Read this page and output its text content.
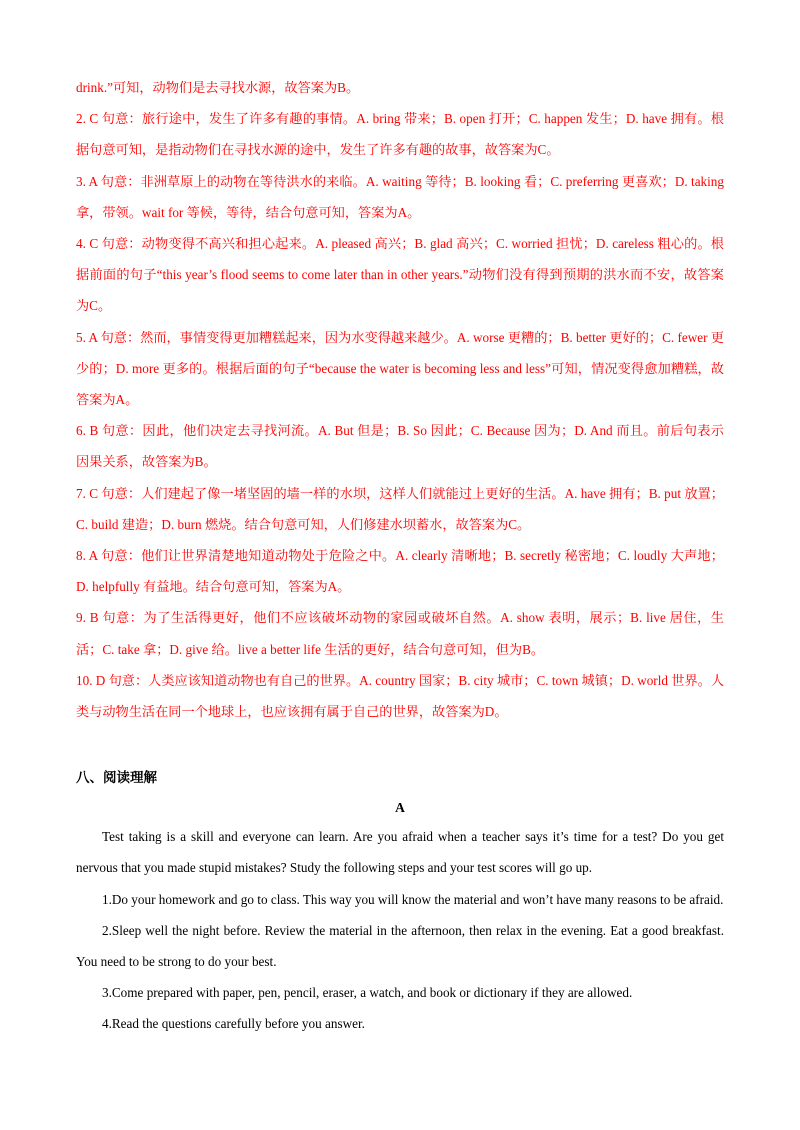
drink.”可知，动物们是去寻找水源，故答案为B。

2. C 句意：旅行途中，发生了许多有趣的事情。A. bring 带来；B. open 打开；C. happen 发生；D. have 拥有。根据句意可知，是指动物们在寻找水源的途中，发生了许多有趣的故事，故答案为C。

3. A 句意：非洲草原上的动物在等待洪水的来临。A. waiting 等待；B. looking 看；C. preferring 更喜欢；D. taking 拿，带领。wait for 等候，等待，结合句意可知，答案为A。

4. C 句意：动物变得不高兴和担心起来。A. pleased 高兴；B. glad 高兴；C. worried 担忧；D. careless 粗心的。根据前面的句子“this year’s flood seems to come later than in other years.”动物们没有得到预期的洪水而不安，故答案为C。

5. A 句意：然而，事情变得更加糟糕起来，因为水变得越来越少。A. worse 更糟的；B. better 更好的；C. fewer 更少的；D. more 更多的。根据后面的句子“because the water is becoming less and less”可知，情况变得愈加糟糕，故答案为A。

6. B 句意：因此，他们决定去寻找河流。A. But 但是；B. So 因此；C. Because 因为；D. And 而且。前后句表示因果关系，故答案为B。

7. C 句意：人们建起了像一堵坚固的墙一样的水坝，这样人们就能过上更好的生活。A. have 拥有；B. put 放置；C. build 建造；D. burn 燃烧。结合句意可知，人们修建水坝蓄水，故答案为C。

8. A 句意：他们让世界清楚地知道动物处于危险之中。A. clearly 清晰地；B. secretly 秘密地；C. loudly 大声地；D. helpfully 有益地。结合句意可知，答案为A。

9. B 句意：为了生活得更好，他们不应该破坏动物的家园或破坏自然。A. show 表明，展示；B. live 居住，生活；C. take 拿；D. give 给。live a better life 生活的更好，结合句意可知，但为B。

10. D 句意：人类应该知道动物也有自己的世界。A. country 国家；B. city 城市；C. town 城镇；D. world 世界。人类与动物生活在同一个地球上，也应该拥有属于自己的世界，故答案为D。

八、阅读理解
A

Test taking is a skill and everyone can learn. Are you afraid when a teacher says it’s time for a test? Do you get nervous that you made stupid mistakes? Study the following steps and your test scores will go up.

1.Do your homework and go to class. This way you will know the material and won’t have many reasons to be afraid.

2.Sleep well the night before. Review the material in the afternoon, then relax in the evening. Eat a good breakfast. You need to be strong to do your best.

3.Come prepared with paper, pen, pencil, eraser, a watch, and book or dictionary if they are allowed.

4.Read the questions carefully before you answer.
